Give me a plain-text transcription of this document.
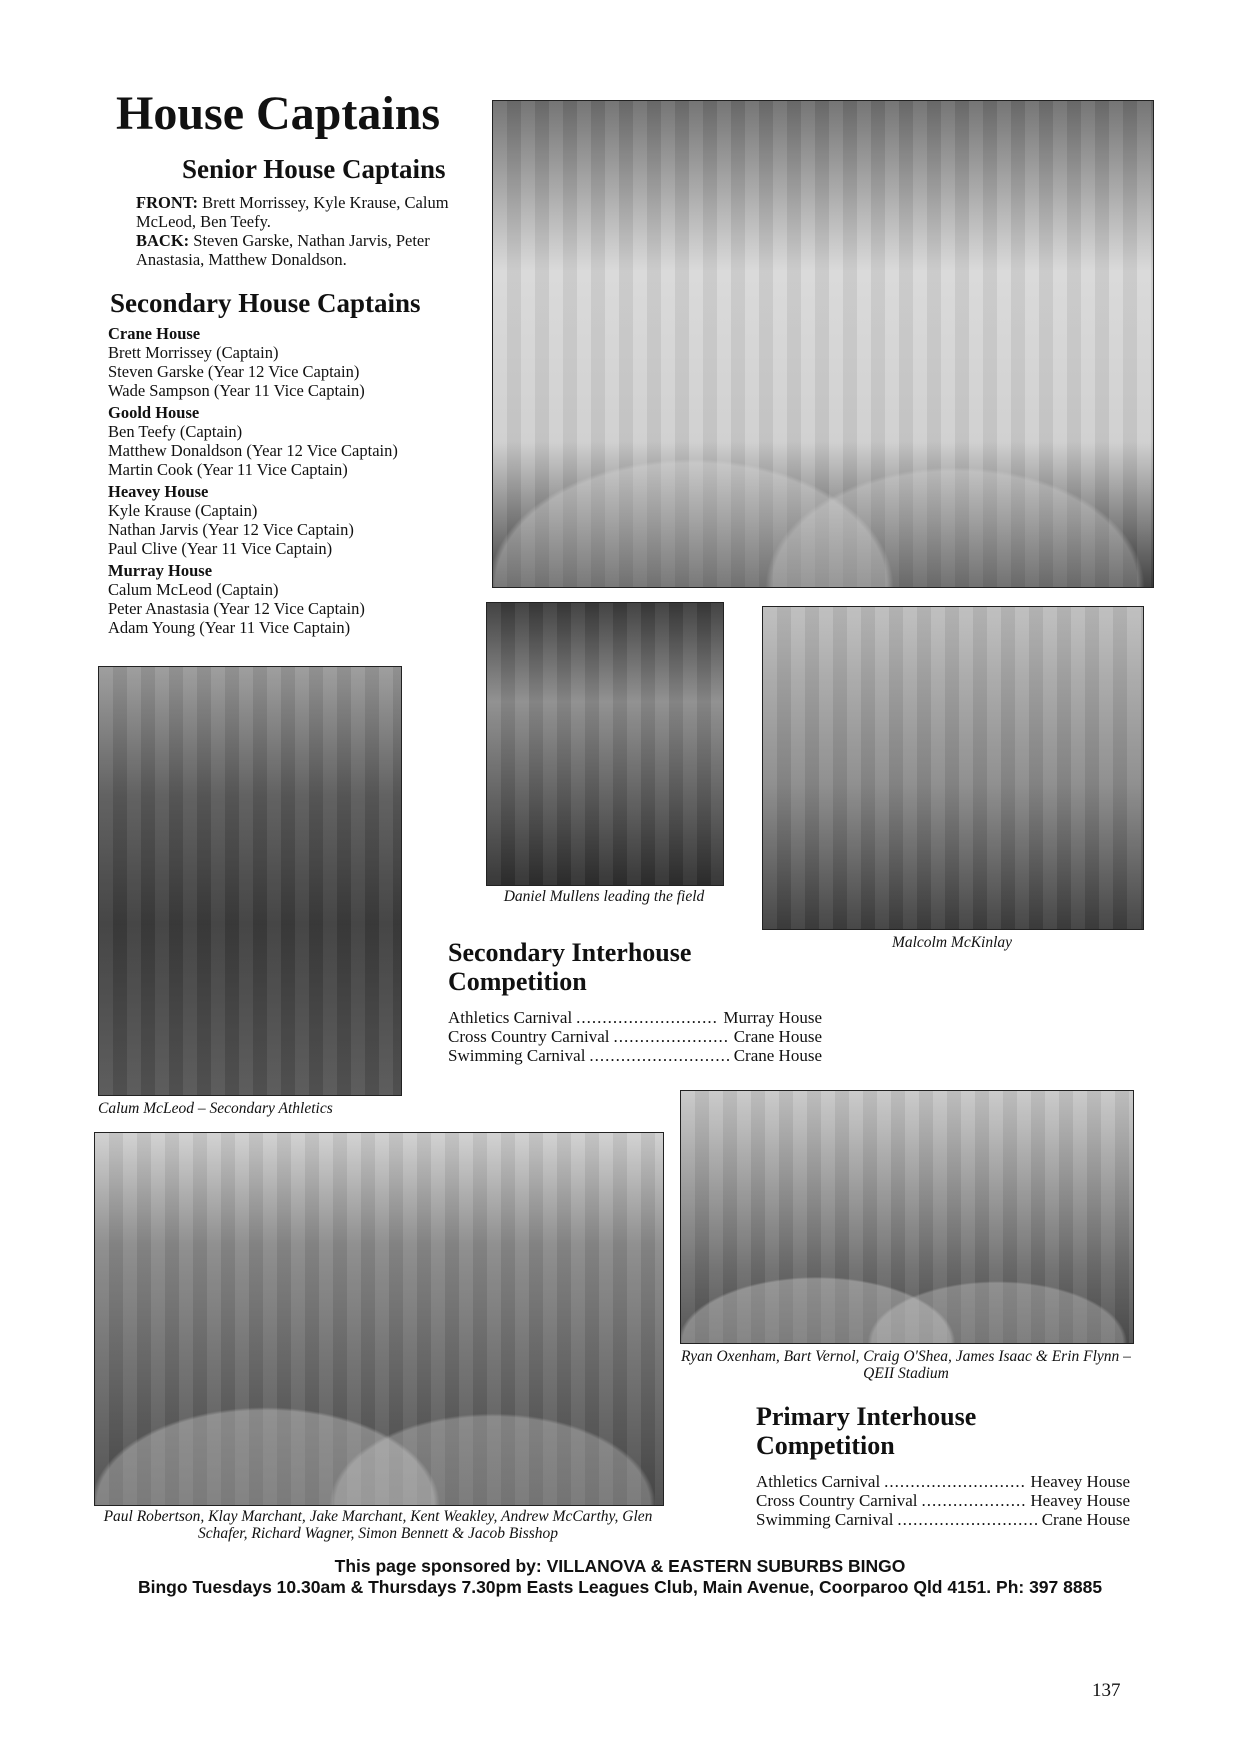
House Captains
Senior House Captains
FRONT: Brett Morrissey, Kyle Krause, Calum McLeod, Ben Teefy.
BACK: Steven Garske, Nathan Jarvis, Peter Anastasia, Matthew Donaldson.
Secondary House Captains
Crane House
Brett Morrissey (Captain)
Steven Garske (Year 12 Vice Captain)
Wade Sampson (Year 11 Vice Captain)
Goold House
Ben Teefy (Captain)
Matthew Donaldson (Year 12 Vice Captain)
Martin Cook (Year 11 Vice Captain)
Heavey House
Kyle Krause (Captain)
Nathan Jarvis (Year 12 Vice Captain)
Paul Clive (Year 11 Vice Captain)
Murray House
Calum McLeod (Captain)
Peter Anastasia (Year 12 Vice Captain)
Adam Young (Year 11 Vice Captain)
Calum McLeod – Secondary Athletics
Daniel Mullens leading the field
Malcolm McKinlay
Secondary Interhouse
Competition
Athletics Carnival .....	Murray House
Cross Country Carnival .....	Crane House
Swimming Carnival .....	Crane House
Paul Robertson, Klay Marchant, Jake Marchant, Kent Weakley, Andrew McCarthy, Glen Schafer, Richard Wagner, Simon Bennett & Jacob Bisshop
Ryan Oxenham, Bart Vernol, Craig O'Shea, James Isaac & Erin Flynn – QEII Stadium
Primary Interhouse
Competition
Athletics Carnival .....	Heavey House
Cross Country Carnival .....	Heavey House
Swimming Carnival .....	Crane House
This page sponsored by: VILLANOVA & EASTERN SUBURBS BINGO
Bingo Tuesdays 10.30am & Thursdays 7.30pm Easts Leagues Club, Main Avenue, Coorparoo Qld 4151. Ph: 397 8885
137
